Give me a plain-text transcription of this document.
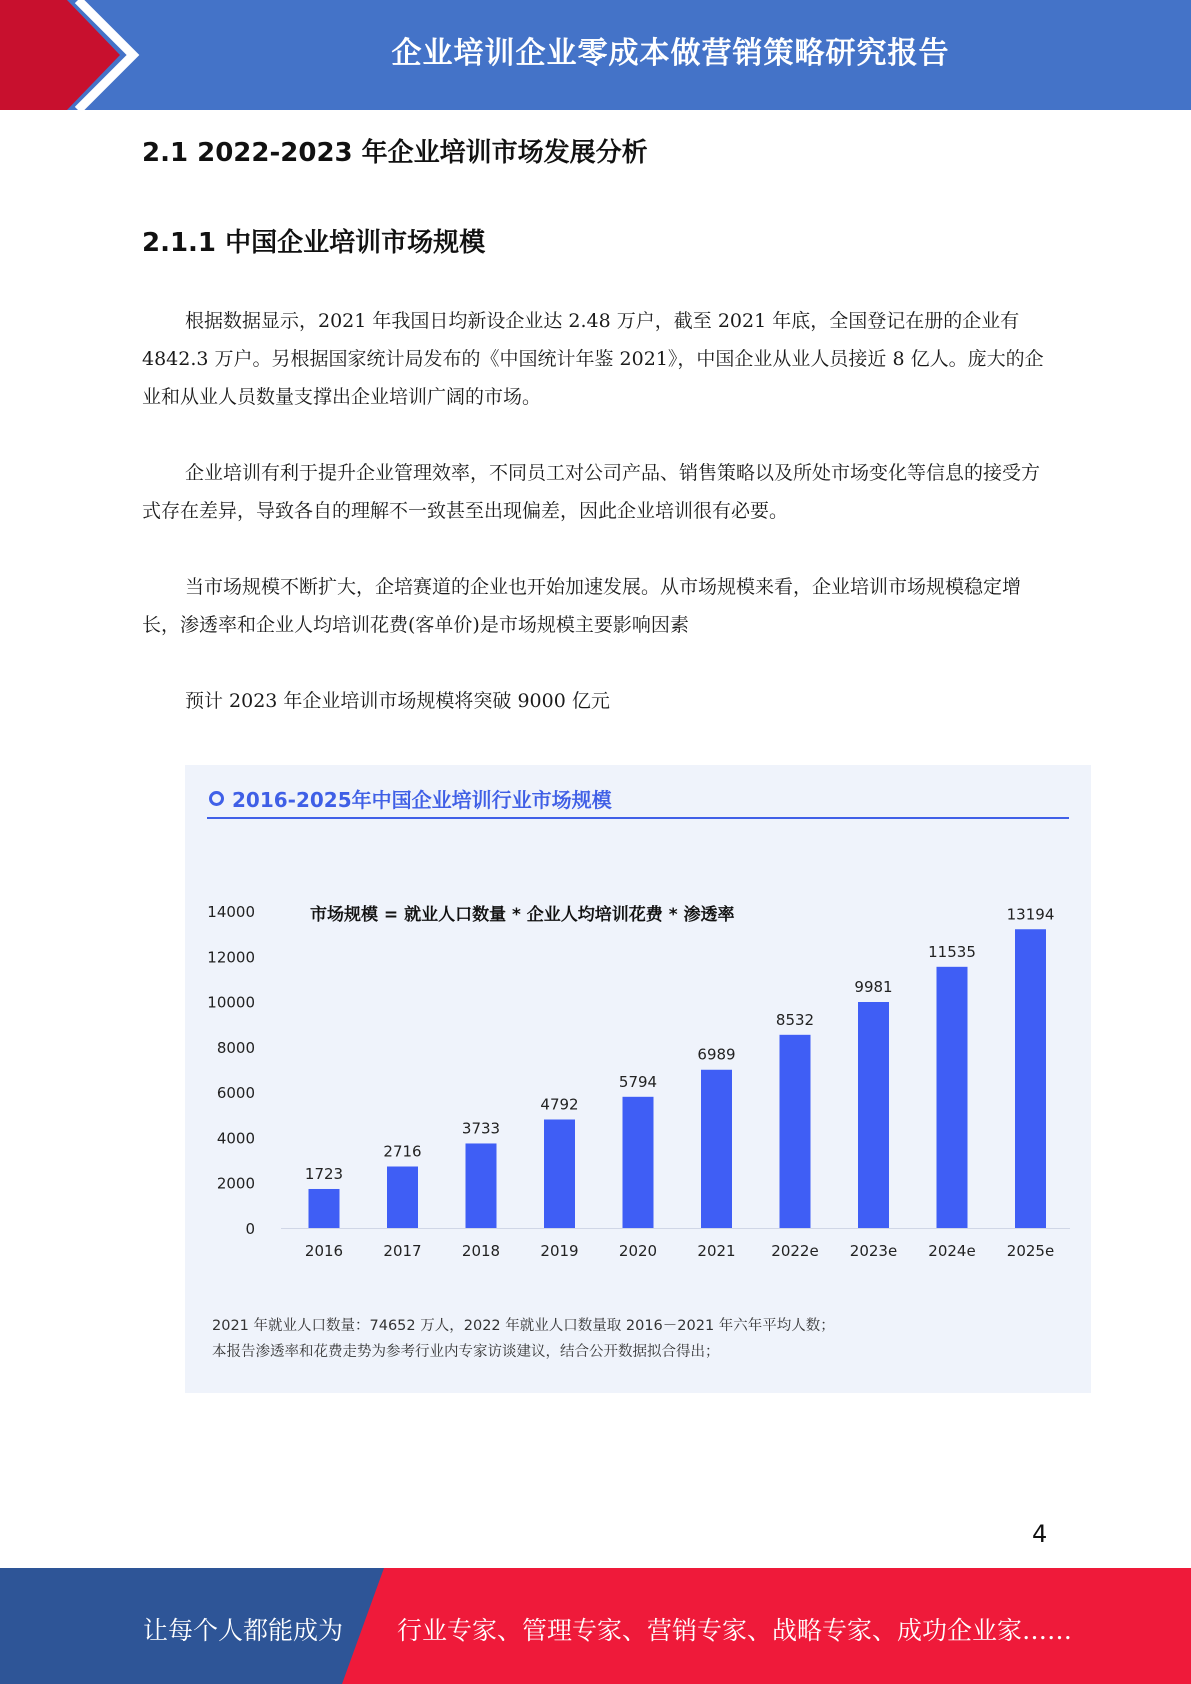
企业培训企业零成本做营销策略研究报告
2.1 2022-2023 年企业培训市场发展分析
2.1.1 中国企业培训市场规模
根据数据显示，2021 年我国日均新设企业达 2.48 万户，截至 2021 年底，全国登记在册的企业有 4842.3 万户。另根据国家统计局发布的《中国统计年鉴 2021》，中国企业从业人员接近 8 亿人。庞大的企业和从业人员数量支撑出企业培训广阔的市场。
企业培训有利于提升企业管理效率，不同员工对公司产品、销售策略以及所处市场变化等信息的接受方式存在差异，导致各自的理解不一致甚至出现偏差，因此企业培训很有必要。
当市场规模不断扩大，企培赛道的企业也开始加速发展。从市场规模来看，企业培训市场规模稳定增长，渗透率和企业人均培训花费(客单价)是市场规模主要影响因素
预计 2023 年企业培训市场规模将突破 9000 亿元
2016-2025年中国企业培训行业市场规模
0
2000
4000
6000
8000
10000
12000
14000	市场规模 = 就业人口数量 * 企业人均培训花费 * 渗透率
1723
2016
2716
2017
3733
2018
4792
2019
5794
2020
6989
2021
8532
2022e
9981
2023e
11535
2024e
13194
2025e
2021 年就业人口数量：74652 万人，2022 年就业人口数量取 2016－2021 年六年平均人数；
本报告渗透率和花费走势为参考行业内专家访谈建议，结合公开数据拟合得出；
4
让每个人都能成为 行业专家、管理专家、营销专家、战略专家、成功企业家……
